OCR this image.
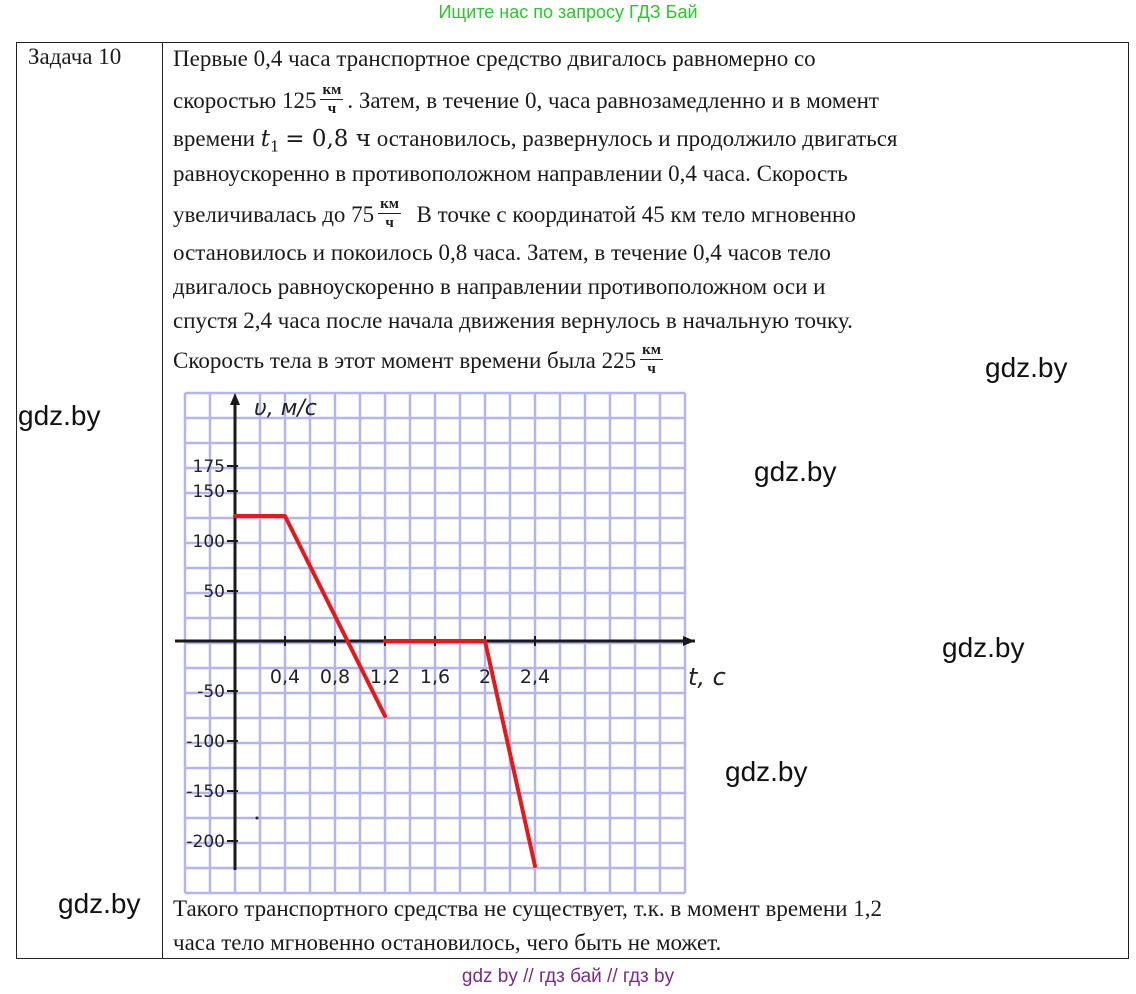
Ищите нас по запросу ГДЗ Бай
Задача 10 Первые 0,4 часа транспортное средство двигалось равномерно со
скоростью $125 \frac{км}{ч}$ . Затем, в течение 0, часа равнозамедленно и в момент
времени $t_1 = 0,8$ ч остановилось, развернулось и продолжило двигаться
равноускоренно в противоположном направлении 0,4 часа. Скорость
увеличивалась до $75 \frac{км}{ч}$ В точке с координатой 45 км тело мгновенно
остановилось и покоилось 0,8 часа. Затем, в течение 0,4 часов тело
двигалось равноускоренно в направлении противоположном оси и
спустя 2,4 часа после начала движения вернулось в начальную точку.
Скорость тела в этот момент времени была $225 \frac{км}{ч}$
0,4 0,8 1,2 1,6 2 2,4
175
150
100
50
-50
-100
-150
-200
υ, м/с
t, с
Такого транспортного средства не существует, т.к. в момент времени 1,2
часа тело мгновенно остановилось, чего быть не может.
gdz.by
gdz.by
gdz.by
gdz.by
gdz.by
gdz.by
gdz by // гдз бай // гдз by
